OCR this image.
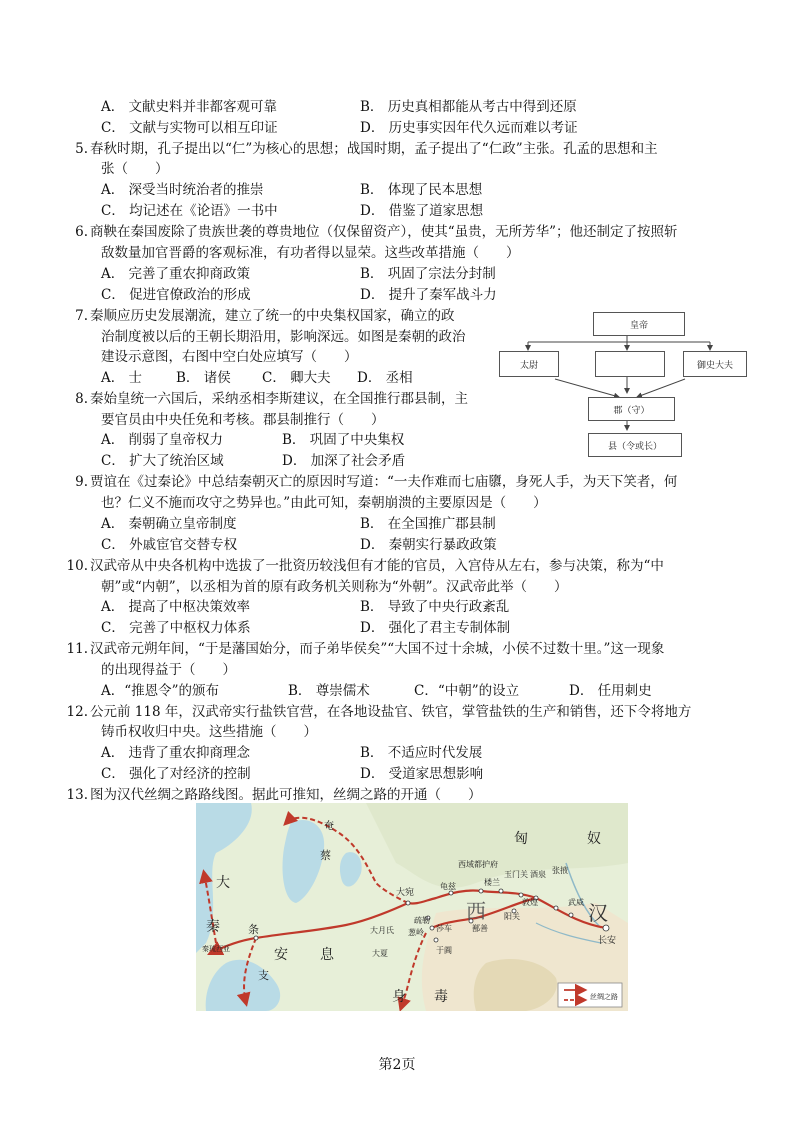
A． 文献史料并非都客观可靠	B． 历史真相都能从考古中得到还原
C． 文献与实物可以相互印证	D． 历史事实因年代久远而难以考证
5. 春秋时期，孔子提出以“仁”为核心的思想；战国时期，孟子提出了“仁政”主张。孔孟的思想和主
张（　　）
A． 深受当时统治者的推崇	B． 体现了民本思想
C． 均记述在《论语》一书中	D． 借鉴了道家思想
6. 商鞅在秦国废除了贵族世袭的尊贵地位（仅保留资产），使其“虽贵，无所芳华”；他还制定了按照斩
敌数量加官晋爵的客观标准，有功者得以显荣。这些改革措施（　　）
A． 完善了重农抑商政策	B． 巩固了宗法分封制
C． 促进官僚政治的形成	D． 提升了秦军战斗力
7. 秦顺应历史发展潮流，建立了统一的中央集权国家，确立的政
治制度被以后的王朝长期沿用，影响深远。如图是秦朝的政治
建设示意图，右图中空白处应填写（　　）
A． 士	B． 诸侯 C． 卿大夫 D． 丞相
皇帝
太尉	御史大夫
郡（守）
县（令或长）
8. 秦始皇统一六国后，采纳丞相李斯建议，在全国推行郡县制，主
要官员由中央任免和考核。郡县制推行（　　）
A． 削弱了皇帝权力	B． 巩固了中央集权
C． 扩大了统治区域	D． 加深了社会矛盾
9. 贾谊在《过秦论》中总结秦朝灭亡的原因时写道：“一夫作难而七庙隳，身死人手，为天下笑者，何
也？仁义不施而攻守之势异也。”由此可知，秦朝崩溃的主要原因是（　　）
A． 秦朝确立皇帝制度	B． 在全国推广郡县制
C． 外戚宦官交替专权	D． 秦朝实行暴政政策
10. 汉武帝从中央各机构中选拔了一批资历较浅但有才能的官员，入宫侍从左右，参与决策，称为“中
朝”或“内朝”，以丞相为首的原有政务机关则称为“外朝”。汉武帝此举（　　）
A． 提高了中枢决策效率	B． 导致了中央行政紊乱
C． 完善了中枢权力体系	D． 强化了君主专制体制
11. 汉武帝元朔年间，“于是藩国始分，而子弟毕侯矣”“大国不过十余城，小侯不过数十里。”这一现象
的出现得益于（　　）
A．“推恩令”的颁布	B． 尊崇儒术	C．“中朝”的设立	D． 任用刺史
12. 公元前 118 年，汉武帝实行盐铁官营，在各地设盐官、铁官，掌管盐铁的生产和销售，还下令将地方
铸币权收归中央。这些措施（　　）
A． 违背了重农抑商理念	B． 不适应时代发展
C． 强化了对经济的控制	D． 受道家思想影响
13. 图为汉代丝绸之路路线图。据此可推知，丝绸之路的开通（　　）
匈	奴
奄
蔡
大
秦	条
支
安 息
大宛
龟兹
西域都护府
楼兰
玉门关 酒泉 张掖
武威
敦煌
阳关
疏勒
莎车
葱岭
大月氏
大夏	于阗
鄯善
西	汉
长安
秦琉西亚
身 毒	丝绸之路
第2页
